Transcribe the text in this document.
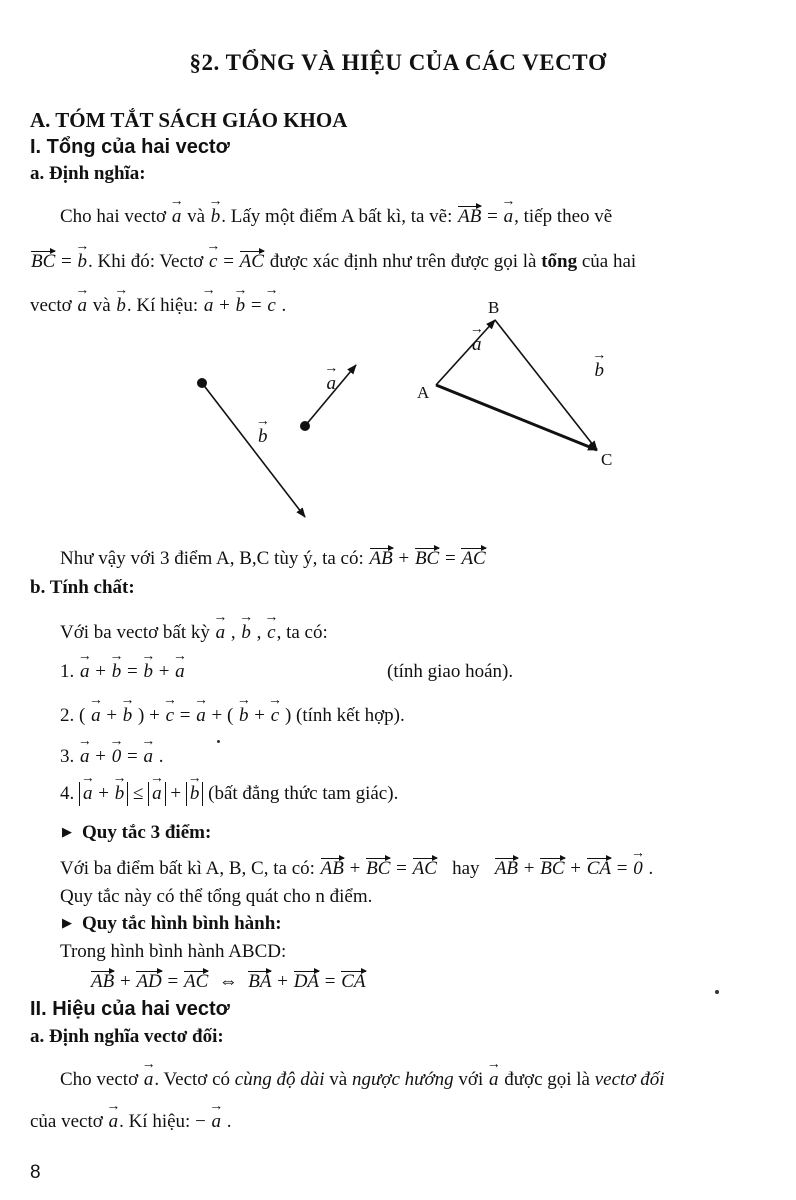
§2. TỔNG VÀ HIỆU CỦA CÁC VECTƠ
A. TÓM TẮT SÁCH GIÁO KHOA
I. Tổng của hai vectơ
a. Định nghĩa:
Cho hai vectơ → a và → b. Lấy một điểm A bất kì, ta vẽ: AB = → a, tiếp theo vẽ
BC = → b. Khi đó: Vectơ → c = AC được xác định như trên được gọi là tổng của hai
vectơ → a và → b. Kí hiệu: → a + → b = → c .
→ b → a → a → b
B
A
C
Như vậy với 3 điểm A, B,C tùy ý, ta có: AB + BC = AC
b. Tính chất:
Với ba vectơ bất kỳ → a , → b , → c, ta có:
1. → a + → b = → b + → a	(tính giao hoán).
2. ( → a + → b ) + → c = → a + ( → b + → c ) (tính kết hợp).
3. → a + → 0 = → a .
4. → a + → b ≤ → a + → b (bất đẳng thức tam giác).
▶ Quy tắc 3 điểm:
Với ba điểm bất kì A, B, C, ta có: AB + BC = AC hay AB + BC + CA = → 0 .
Quy tắc này có thể tổng quát cho n điểm.
▶ Quy tắc hình bình hành:
Trong hình bình hành ABCD:
AB + AD = AC  ⇔  BA + DA = CA
II. Hiệu của hai vectơ
a. Định nghĩa vectơ đối:
Cho vectơ → a. Vectơ có cùng độ dài và ngược hướng với → a được gọi là vectơ đối
của vectơ → a. Kí hiệu: − → a .
8
